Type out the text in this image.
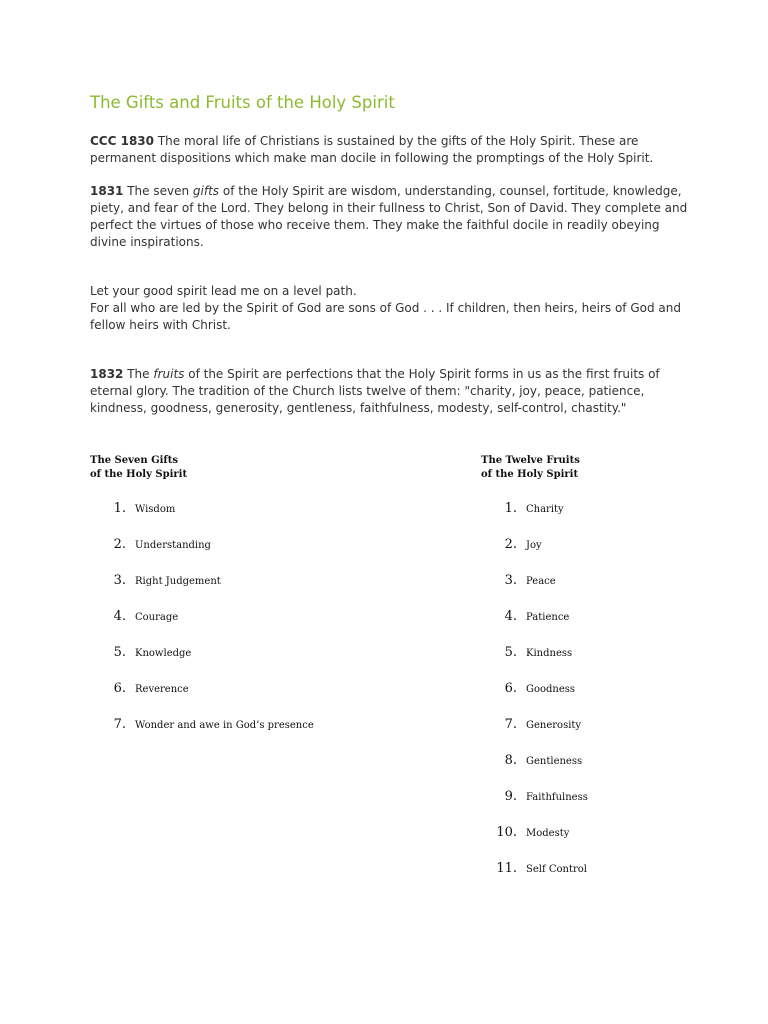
The Gifts and Fruits of the Holy Spirit

CCC 1830 The moral life of Christians is sustained by the gifts of the Holy Spirit. These are permanent dispositions which make man docile in following the promptings of the Holy Spirit.

1831 The seven gifts of the Holy Spirit are wisdom, understanding, counsel, fortitude, knowledge, piety, and fear of the Lord. They belong in their fullness to Christ, Son of David. They complete and perfect the virtues of those who receive them. They make the faithful docile in readily obeying divine inspirations.

Let your good spirit lead me on a level path.
For all who are led by the Spirit of God are sons of God . . . If children, then heirs, heirs of God and fellow heirs with Christ.

1832 The fruits of the Spirit are perfections that the Holy Spirit forms in us as the first fruits of eternal glory. The tradition of the Church lists twelve of them: "charity, joy, peace, patience, kindness, goodness, generosity, gentleness, faithfulness, modesty, self-control, chastity."

The Seven Gifts
of the Holy Spirit
The Twelve Fruits
of the Holy Spirit
1. Wisdom
2. Understanding
3. Right Judgement
4. Courage
5. Knowledge
6. Reverence
7. Wonder and awe in God’s presence
1. Charity
2. Joy
3. Peace
4. Patience
5. Kindness
6. Goodness
7. Generosity
8. Gentleness
9. Faithfulness
10. Modesty
11. Self Control
